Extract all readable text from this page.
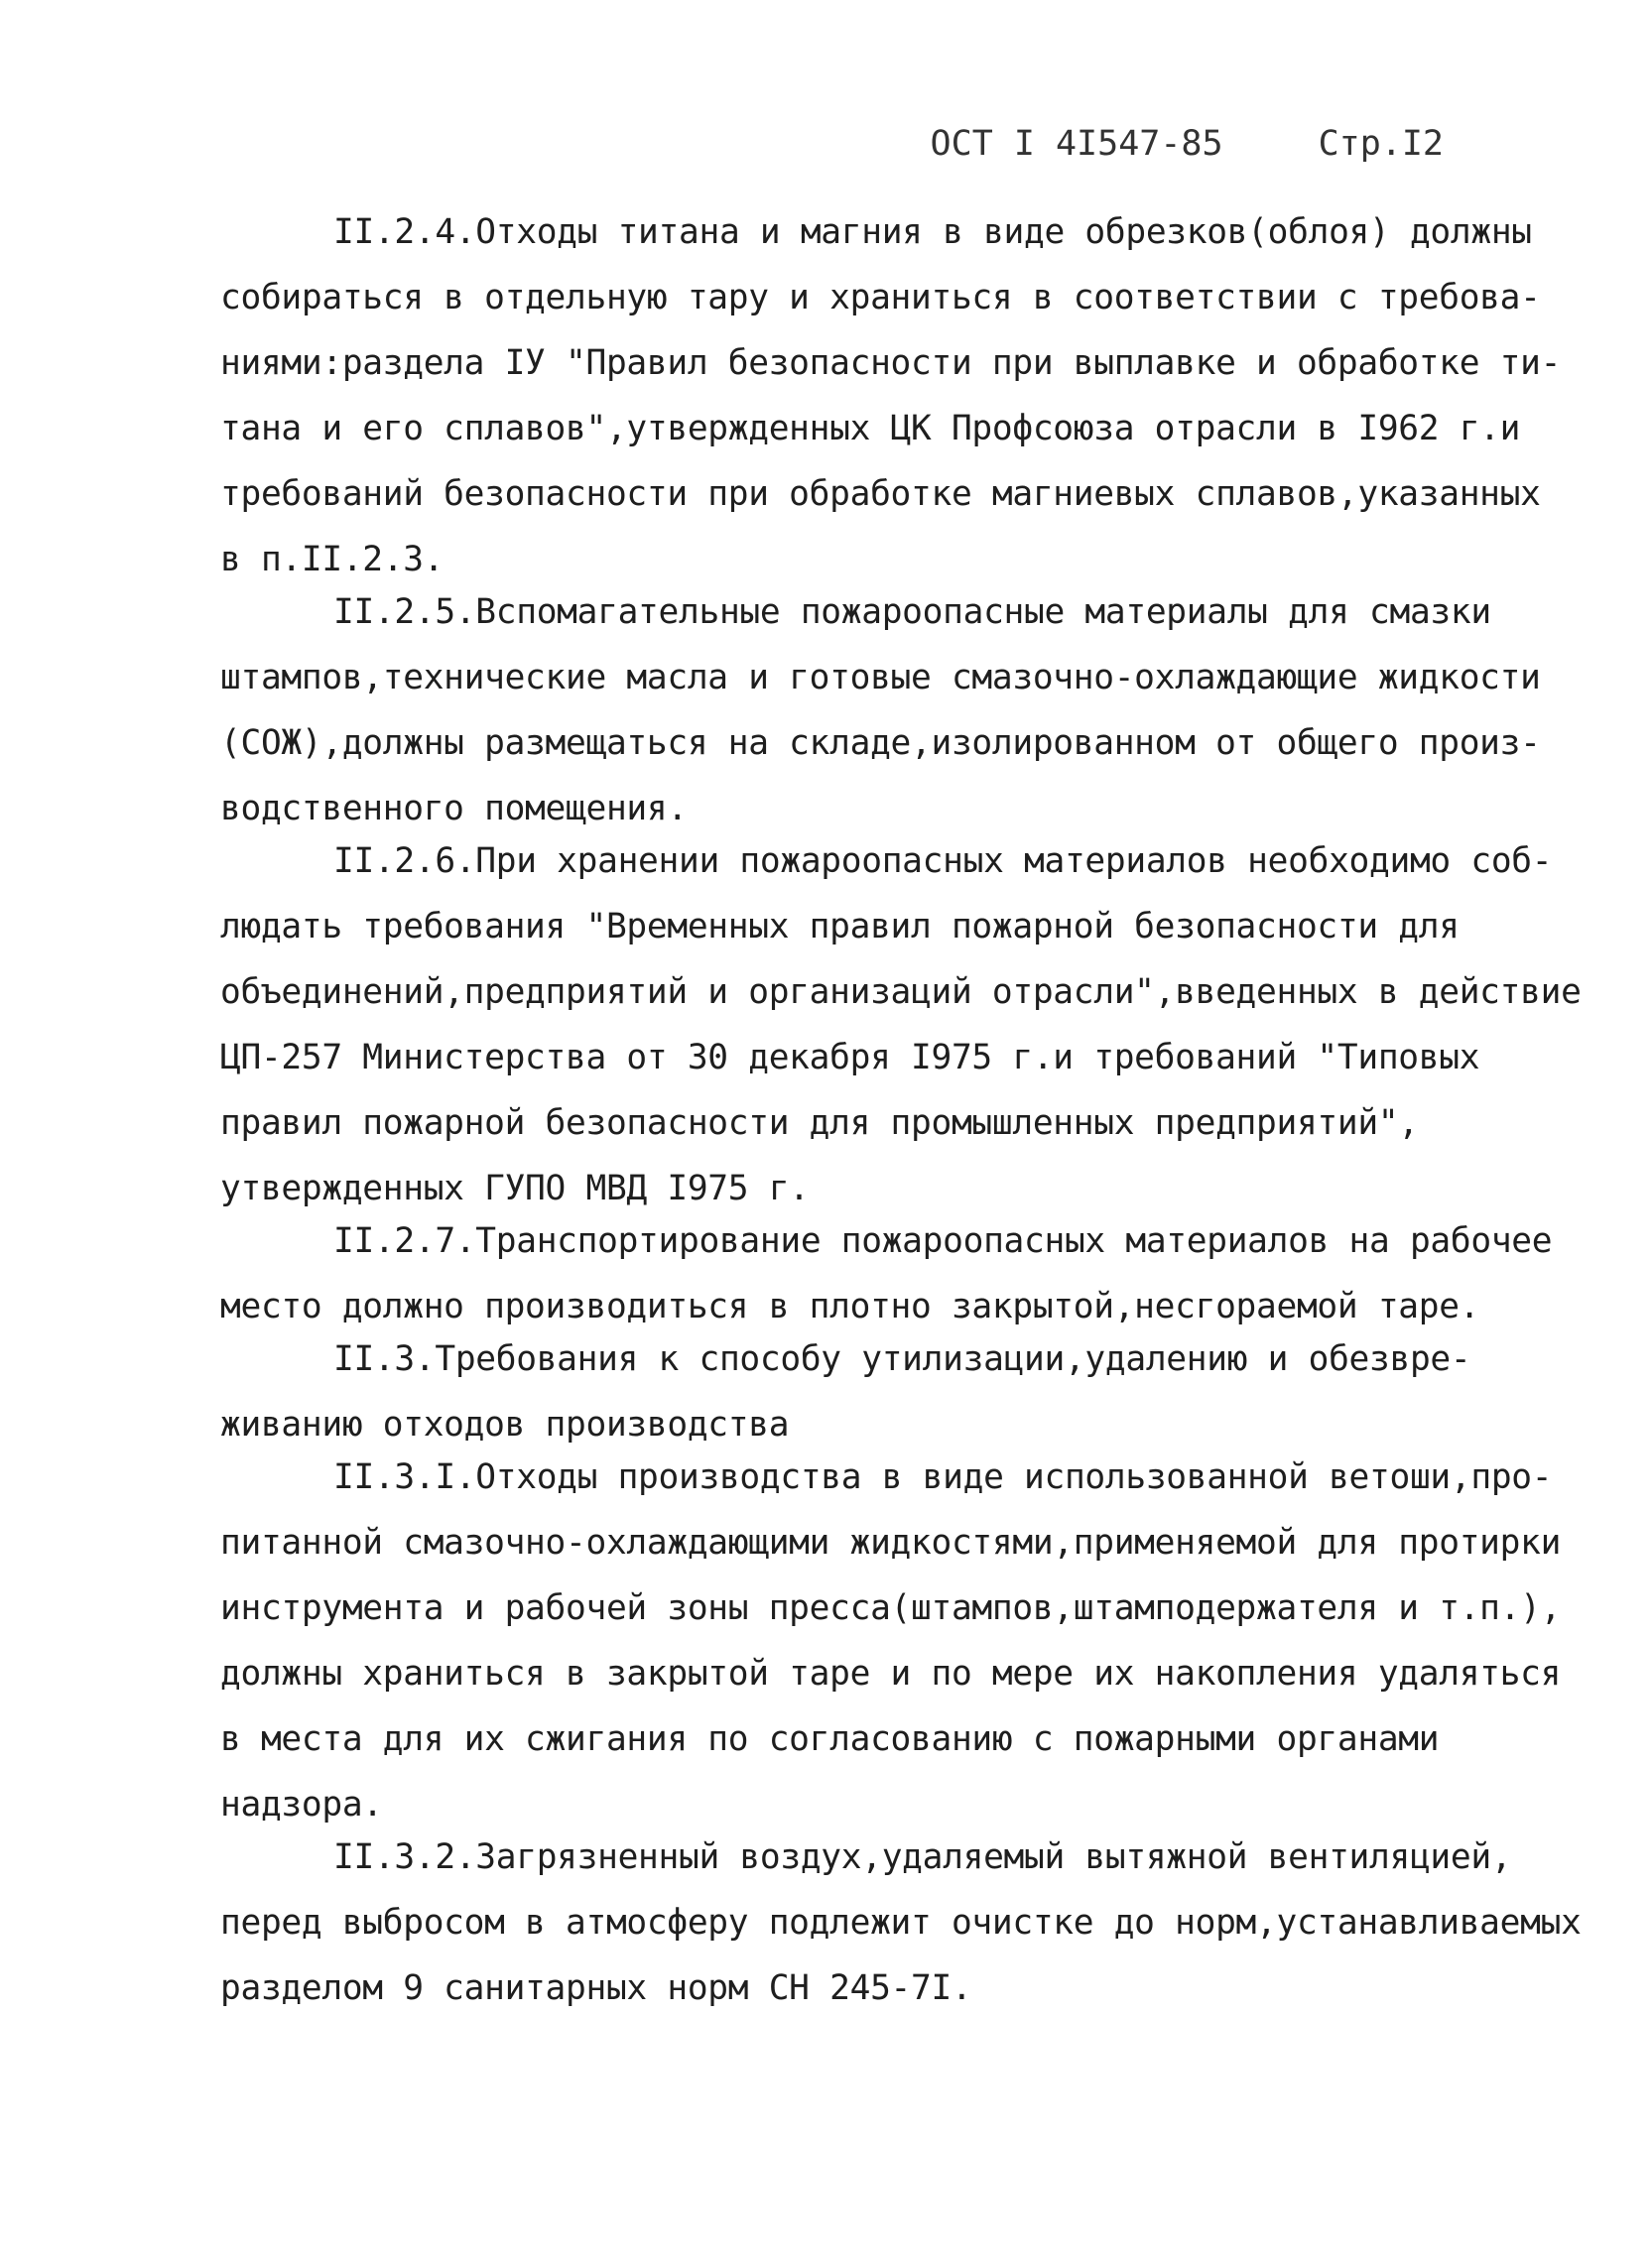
ОСТ I 4I547-85	Стр.I2
II.2.4.Отходы титана и магния в виде обрезков(облоя) должны
собираться в отдельную тару и храниться в соответствии с требова-
ниями:раздела IУ "Правил безопасности при выплавке и обработке ти-
тана и его сплавов",утвержденных ЦК Профсоюза отрасли в I962 г.и
требований безопасности при обработке магниевых сплавов,указанных
в п.II.2.3.
II.2.5.Вспомагательные пожароопасные материалы для смазки
штампов,технические масла и готовые смазочно-охлаждающие жидкости
(СОЖ),должны размещаться на складе,изолированном от общего произ-
водственного помещения.
II.2.6.При хранении пожароопасных материалов необходимо соб-
людать требования "Временных правил пожарной безопасности для
объединений,предприятий и организаций отрасли",введенных в действие
ЦП-257 Министерства от 30 декабря I975 г.и требований "Типовых
правил пожарной безопасности для промышленных предприятий",
утвержденных ГУПО МВД I975 г.
II.2.7.Транспортирование пожароопасных материалов на рабочее
место должно производиться в плотно закрытой,несгораемой таре.
II.3.Требования к способу утилизации,удалению и обезвре-
живанию отходов производства
II.3.I.Отходы производства в виде использованной ветоши,про-
питанной смазочно-охлаждающими жидкостями,применяемой для протирки
инструмента и рабочей зоны пресса(штампов,штамподержателя и т.п.),
должны храниться в закрытой таре и по мере их накопления удаляться
в места для их сжигания по согласованию с пожарными органами
надзора.
II.3.2.Загрязненный воздух,удаляемый вытяжной вентиляцией,
перед выбросом в атмосферу подлежит очистке до норм,устанавливаемых
разделом 9 санитарных норм СН 245-7I.
